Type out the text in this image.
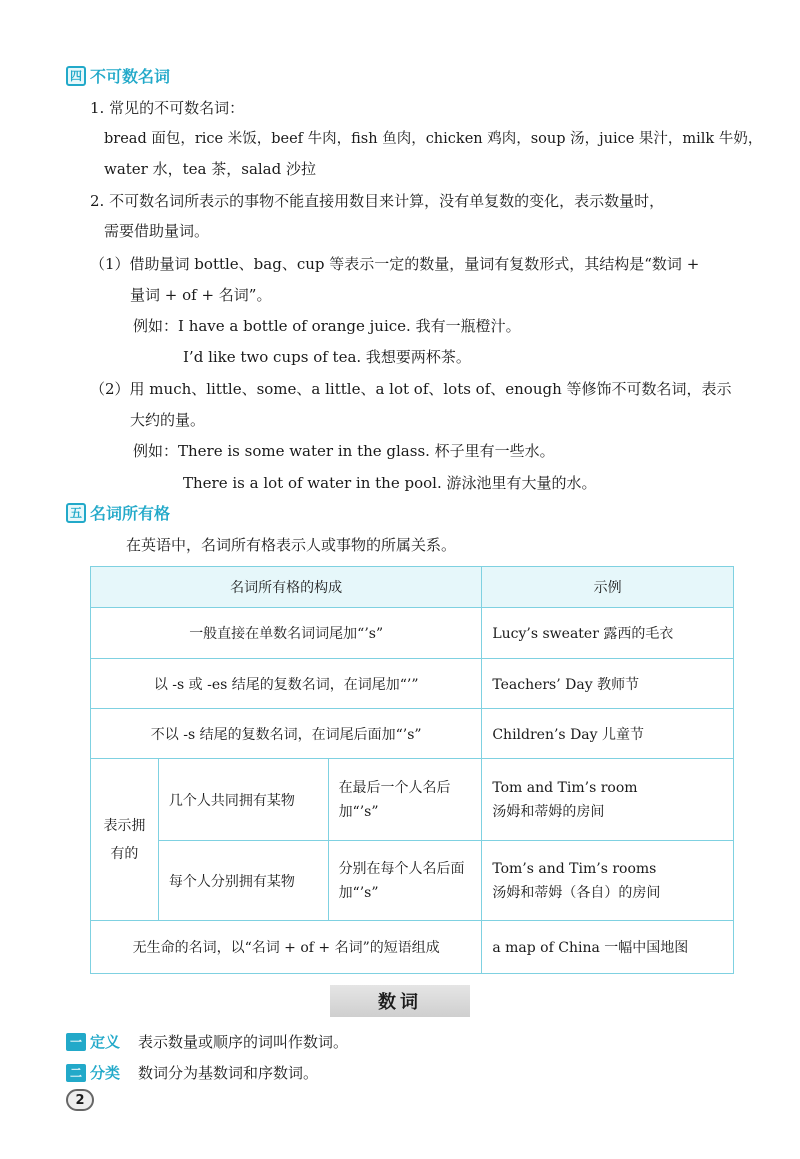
四 不可数名词
1. 常见的不可数名词：
bread 面包，rice 米饭，beef 牛肉，fish 鱼肉，chicken 鸡肉，soup 汤，juice 果汁，milk 牛奶，
water 水，tea 茶，salad 沙拉
2. 不可数名词所表示的事物不能直接用数目来计算，没有单复数的变化，表示数量时，
需要借助量词。
（1）借助量词 bottle、bag、cup 等表示一定的数量，量词有复数形式，其结构是“数词 +
量词 + of + 名词”。
例如：I have a bottle of orange juice. 我有一瓶橙汁。
I’d like two cups of tea. 我想要两杯茶。
（2）用 much、little、some、a little、a lot of、lots of、enough 等修饰不可数名词，表示
大约的量。
例如：There is some water in the glass. 杯子里有一些水。
There is a lot of water in the pool. 游泳池里有大量的水。
五 名词所有格
在英语中，名词所有格表示人或事物的所属关系。
名词所有格的构成			示例
一般直接在单数名词词尾加“’s”			Lucy’s sweater 露西的毛衣
以 -s 或 -es 结尾的复数名词，在词尾加“’”			Teachers’ Day 教师节
不以 -s 结尾的复数名词，在词尾后面加“’s”			Children’s Day 儿童节
表示拥有的	几个人共同拥有某物	在最后一个人名后加“’s”	Tom and Tim’s room
汤姆和蒂姆的房间

	每个人分别拥有某物	分别在每个人名后面加“’s”	Tom’s and Tim’s rooms
汤姆和蒂姆（各自）的房间

无生命的名词，以“名词 + of + 名词”的短语组成			a map of China 一幅中国地图
数词
一 定义 表示数量或顺序的词叫作数词。
二 分类 数词分为基数词和序数词。
2
